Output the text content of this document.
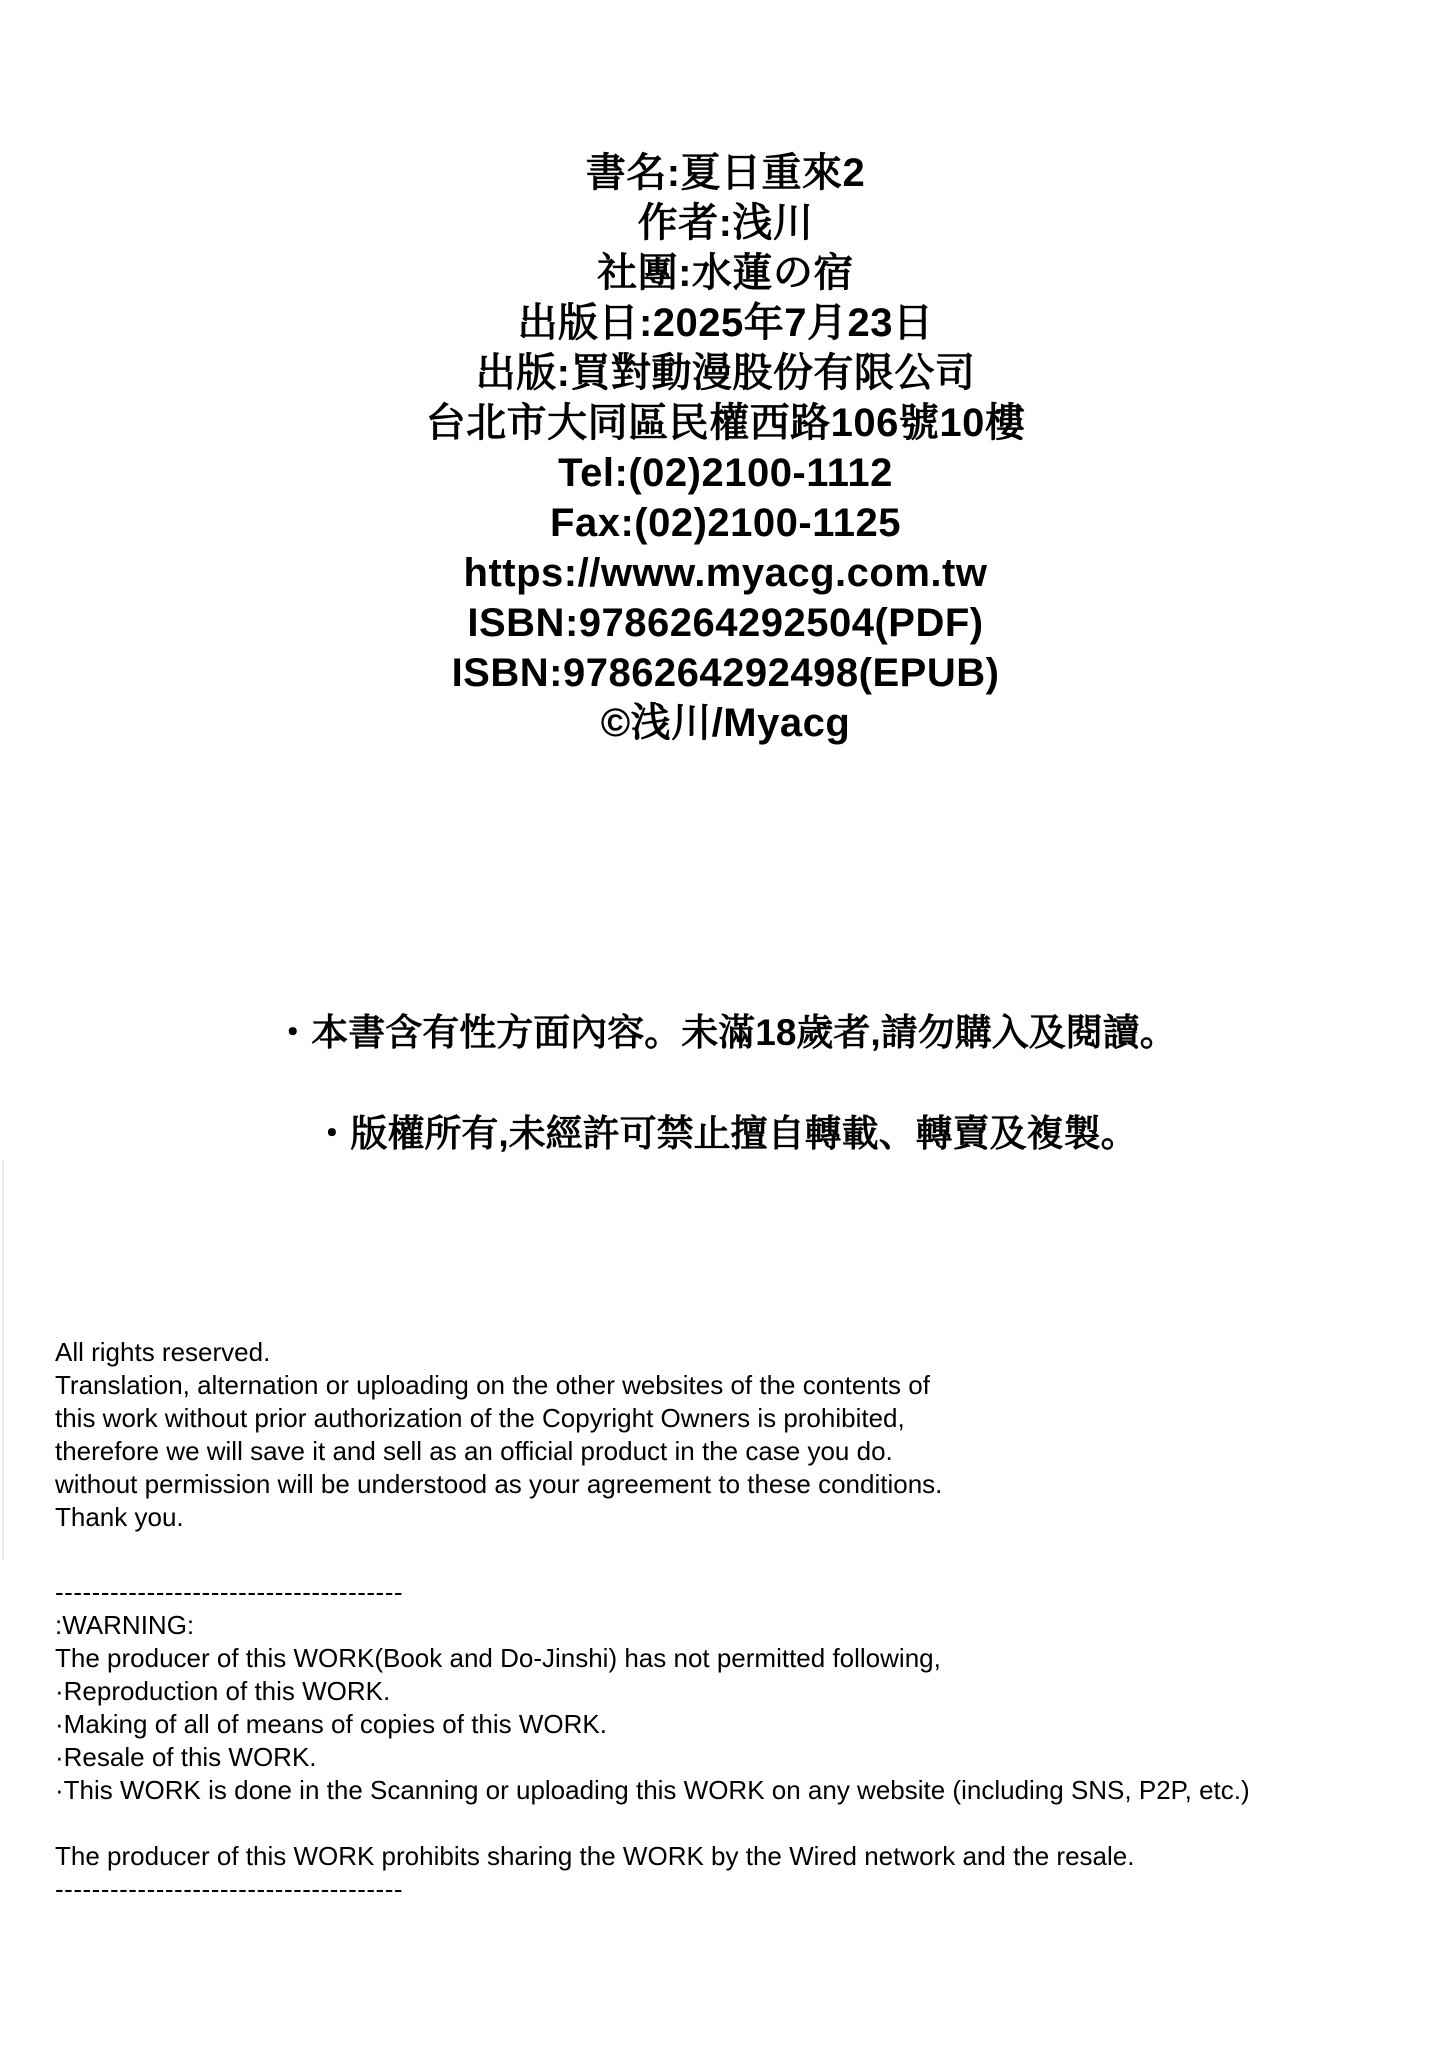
書名:夏日重來2
作者:浅川
社團:水蓮の宿
出版日:2025年7月23日
出版:買對動漫股份有限公司
台北市大同區民權西路106號10樓
Tel:(02)2100-1112
Fax:(02)2100-1125
https://www.myacg.com.tw
ISBN:9786264292504(PDF)
ISBN:9786264292498(EPUB)
©浅川/Myacg
・本書含有性方面內容。未滿18歲者,請勿購入及閱讀。
・版權所有,未經許可禁止擅自轉載、轉賣及複製。
All rights reserved.
Translation, alternation or uploading on the other websites of the contents of
this work without prior authorization of the Copyright Owners is prohibited,
therefore we will save it and sell as an official product in the case you do.
without permission will be understood as your agreement to these conditions.
Thank you.
--------------------------------------
:WARNING:
The producer of this WORK(Book and Do-Jinshi) has not permitted following,
·Reproduction of this WORK.
·Making of all of means of copies of this WORK.
·Resale of this WORK.
·This WORK is done in the Scanning or uploading this WORK on any website (including SNS, P2P, etc.)
The producer of this WORK prohibits sharing the WORK by the Wired network and the resale.
--------------------------------------
